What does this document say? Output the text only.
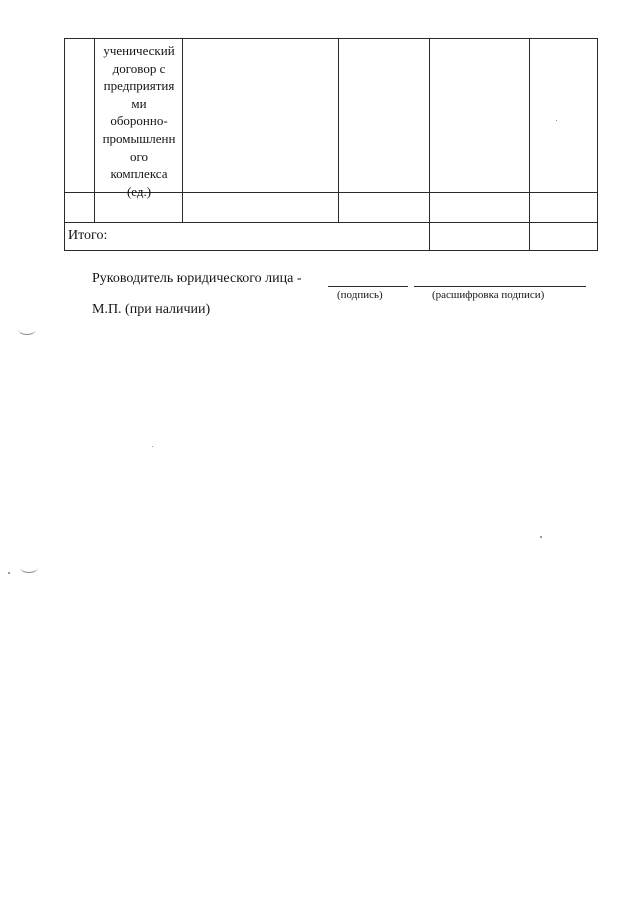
ученический
договор с
предприятия
ми
оборонно-
промышленн
ого
комплекса
(ед.)
Итого:
Руководитель юридического лица -
(подпись)	(расшифровка подписи)
М.П. (при наличии)
